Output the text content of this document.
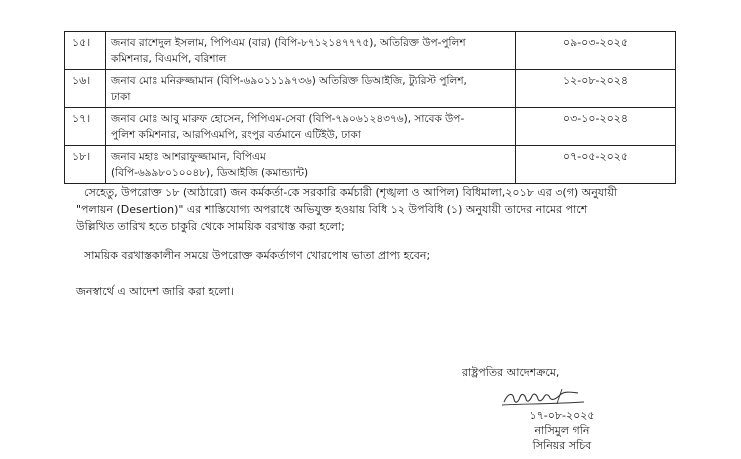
১৫।	জনাব রাশেদুল ইসলাম, পিপিএম (বার) (বিপি-৮৭১২১৪৭৭৭৫), অতিরিক্ত উপ-পুলিশ
কমিশনার, বিএমপি, বরিশাল
০৯-০৩-২০২৫
১৬।	জনাব মোঃ মনিরুজ্জামান (বিপি-৬৯০১১১৯৭৩৬) অতিরিক্ত ডিআইজি, ট্যুরিস্ট পুলিশ,
ঢাকা
১২-০৮-২০২৪
১৭।	জনাব মোঃ আবু মারুফ হোসেন, পিপিএম-সেবা (বিপি-৭৯০৬১২৪৩৭৬), সাবেক উপ-
পুলিশ কমিশনার, আরপিএমপি, রংপুর বর্তমানে এটিইউ, ঢাকা
০৩-১০-২০২৪
১৮।	জনাব মহাঃ আশরাফুজ্জামান, বিপিএম
(বিপি-৬৯৯৮০১০০৪৮), ডিআইজি (কমান্ড্যান্ট)
০৭-০৫-২০২৫
সেহেতু, উপরোক্ত ১৮ (আঠারো) জন কর্মকর্তা-কে সরকারি কর্মচারী (শৃঙ্খলা ও আপিল) বিধিমালা,২০১৮ এর ৩(গ) অনুযায়ী
"পলায়ন (Desertion)" এর শাস্তিযোগ্য অপরাধে অভিযুক্ত হওয়ায় বিধি ১২ উপবিধি (১) অনুযায়ী তাদের নামের পাশে
উল্লিখিত তারিখ হতে চাকুরি থেকে সাময়িক বরখাস্ত করা হলো;
সাময়িক বরখাস্তকালীন সময়ে উপরোক্ত কর্মকর্তাগণ খোরপোষ ভাতা প্রাপ্য হবেন;
জনস্বার্থে এ আদেশ জারি করা হলো।
রাষ্ট্রপতির আদেশক্রমে,
১৭-০৮-২০২৫
নাসিমুল গনি
সিনিয়র সচিব
